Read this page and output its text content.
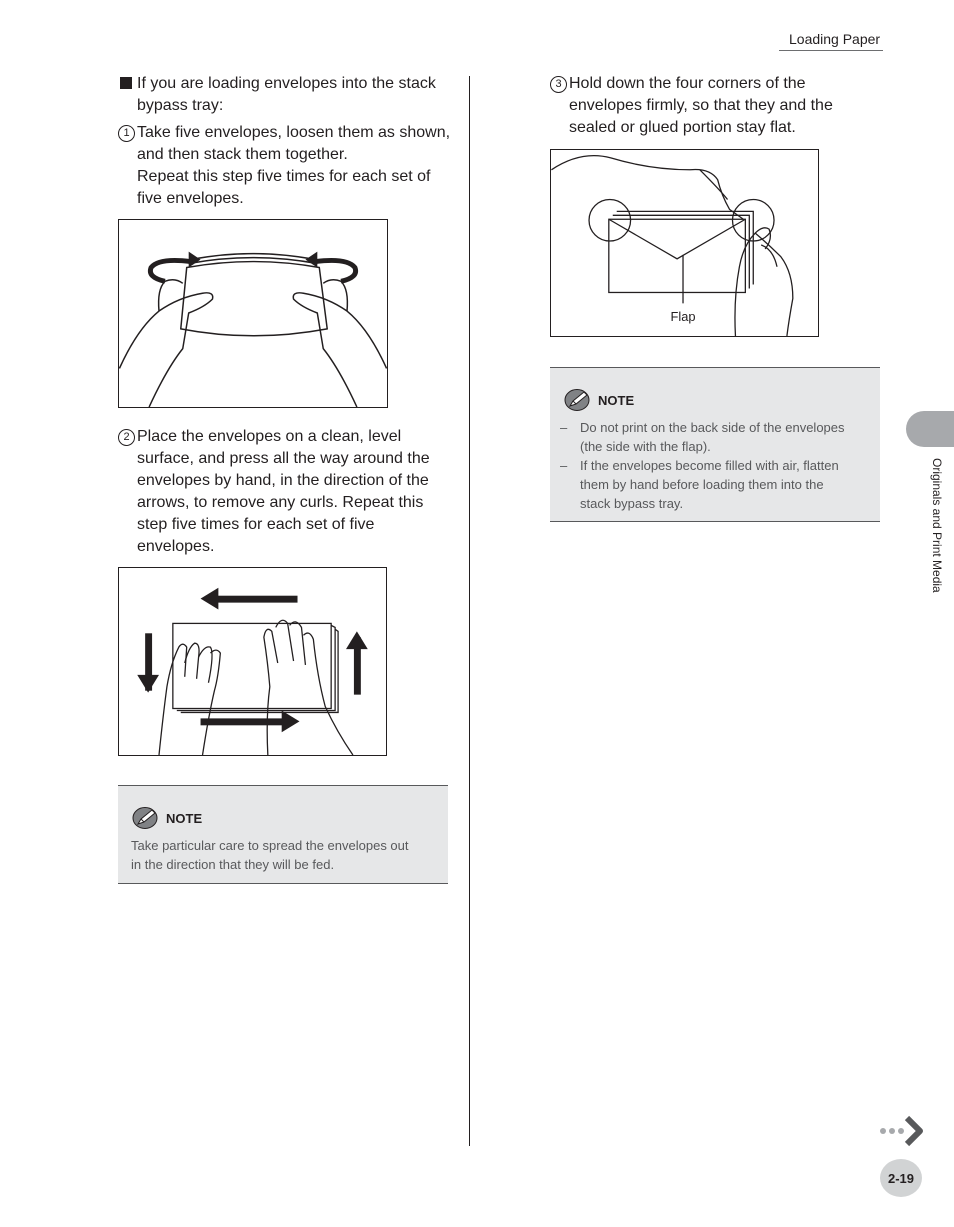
Loading Paper
If you are loading envelopes into the stack bypass tray:
1 Take five envelopes, loosen them as shown,

and then stack them together.

Repeat this step five times for each set of

five envelopes.

2 Place the envelopes on a clean, level

surface, and press all the way around the

envelopes by hand, in the direction of the

arrows, to remove any curls. Repeat this

step five times for each set of five

envelopes.

NOTE

Take particular care to spread the envelopes out

in the direction that they will be fed.

3 Hold down the four corners of the

envelopes firmly, so that they and the

sealed or glued portion stay flat.

Flap
NOTE
– Do not print on the back side of the envelopes

(the side with the flap).

– If the envelopes become filled with air, flatten

them by hand before loading them into the

stack bypass tray.	Originals and Print Media
2-19
